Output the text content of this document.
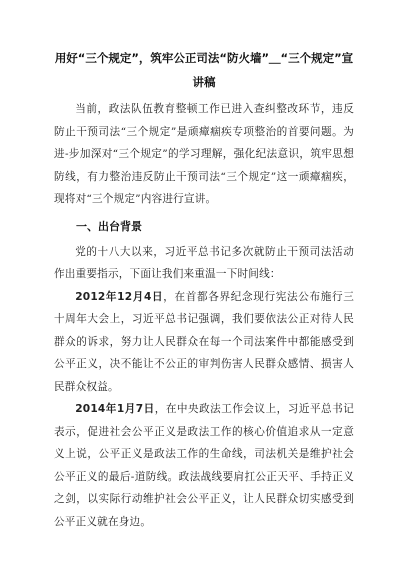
用好“三个规定”，筑牢公正司法“防火墙”＿“三个规定”宣讲稿

当前，政法队伍教育整顿工作已进入查纠整改环节，违反防止干预司法“三个规定”是顽瘴痼疾专项整治的首要问题。为进-步加深对“三个规定”的学习理解，强化纪法意识，筑牢思想防线，有力整治违反防止干预司法“三个规定”这一顽瘴痼疾，现将对“三个规定”内容进行宣讲。

一、出台背景

党的十八大以来，习近平总书记多次就防止干预司法活动作出重要指示，下面让我们来重温一下时间线：

2012年12月4日，在首都各界纪念现行宪法公布施行三十周年大会上，习近平总书记强调，我们要依法公正对待人民群众的诉求，努力让人民群众在每一个司法案件中都能感受到公平正义，决不能让不公正的审判伤害人民群众感情、损害人民群众权益。

2014年1月7日，在中央政法工作会议上，习近平总书记表示，促进社会公平正义是政法工作的核心价值追求从一定意义上说，公平正义是政法工作的生命线，司法机关是维护社会公平正义的最后-道防线。政法战线要肩扛公正天平、手持正义之剑，以实际行动维护社会公平正义，让人民群众切实感受到公平正义就在身边。
